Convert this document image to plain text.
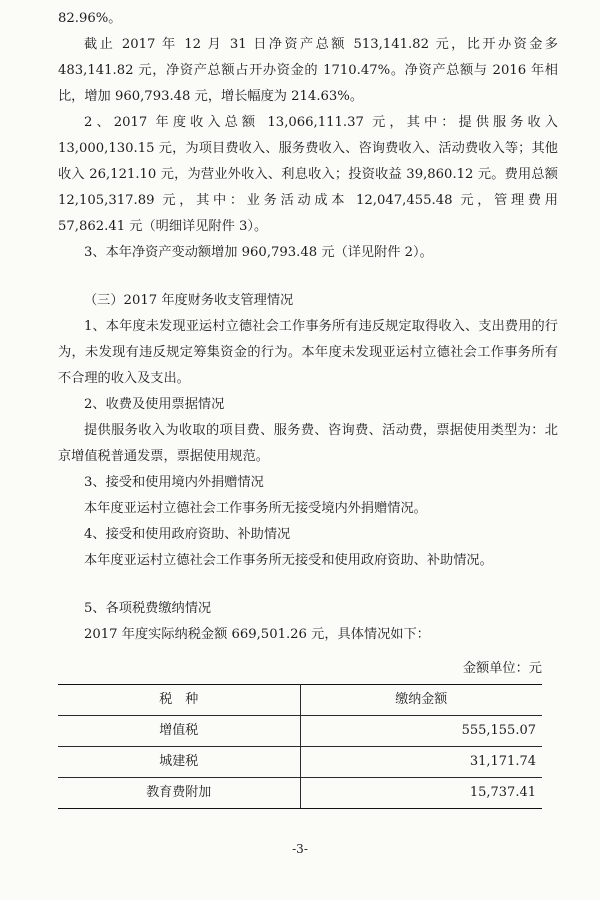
82.96%。

截止 2017 年 12 月 31 日净资产总额 513,141.82 元，比开办资金多 483,141.82 元，净资产总额占开办资金的 1710.47%。净资产总额与 2016 年相比，增加 960,793.48 元，增长幅度为 214.63%。

2、2017 年度收入总额 13,066,111.37 元，其中：提供服务收入 13,000,130.15 元，为项目费收入、服务费收入、咨询费收入、活动费收入等；其他收入 26,121.10 元，为营业外收入、利息收入；投资收益 39,860.12 元。费用总额 12,105,317.89 元，其中：业务活动成本 12,047,455.48 元，管理费用 57,862.41 元（明细详见附件 3）。

3、本年净资产变动额增加 960,793.48 元（详见附件 2）。

（三）2017 年度财务收支管理情况

1、本年度未发现亚运村立德社会工作事务所有违反规定取得收入、支出费用的行为，未发现有违反规定筹集资金的行为。本年度未发现亚运村立德社会工作事务所有不合理的收入及支出。

2、收费及使用票据情况

提供服务收入为收取的项目费、服务费、咨询费、活动费，票据使用类型为：北京增值税普通发票，票据使用规范。

3、接受和使用境内外捐赠情况

本年度亚运村立德社会工作事务所无接受境内外捐赠情况。

4、接受和使用政府资助、补助情况

本年度亚运村立德社会工作事务所无接受和使用政府资助、补助情况。

5、各项税费缴纳情况

2017 年度实际纳税金额 669,501.26 元，具体情况如下：

金额单位：元
税　种	缴纳金额
增值税	555,155.07
城建税	31,171.74
教育费附加	15,737.41
-3-
